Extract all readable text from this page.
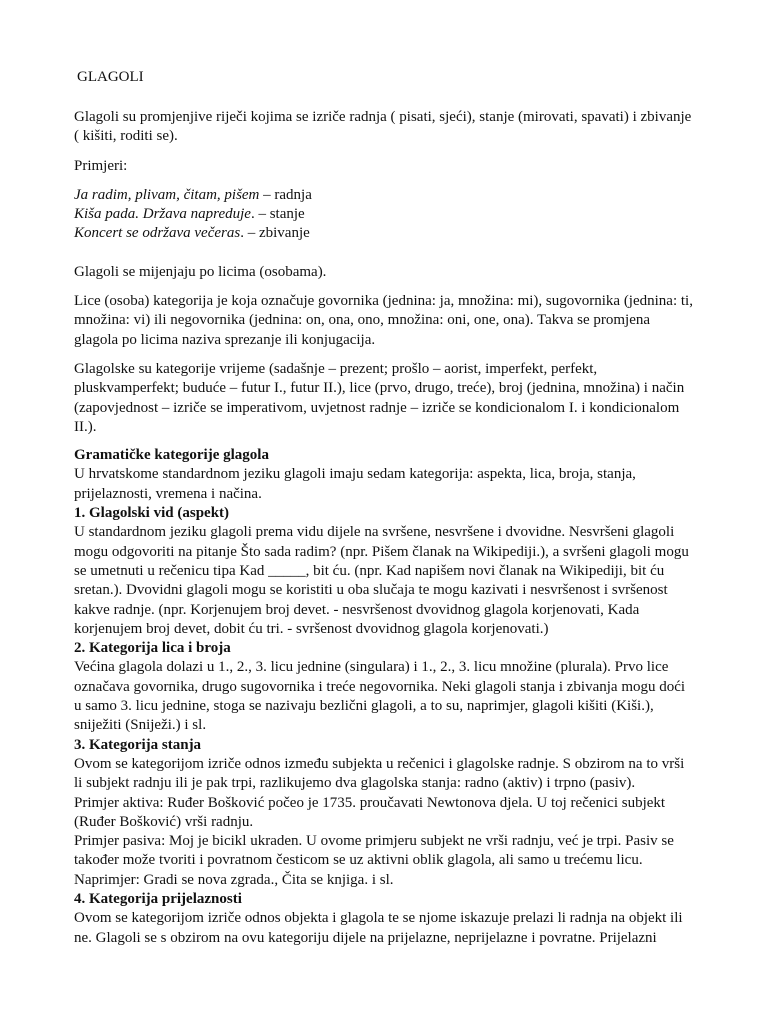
GLAGOLI

Glagoli su promjenjive riječi kojima se izriče radnja ( pisati, sjeći), stanje (mirovati, spavati) i zbivanje ( kišiti, roditi se).

Primjeri:

Ja radim, plivam, čitam, pišem – radnja
Kiša pada. Država napreduje. – stanje
Koncert se održava večeras. – zbivanje

Glagoli se mijenjaju po licima (osobama).

Lice (osoba) kategorija je koja označuje govornika (jednina: ja, množina: mi), sugovornika (jednina: ti, množina: vi) ili negovornika (jednina: on, ona, ono, množina: oni, one, ona). Takva se promjena glagola po licima naziva sprezanje ili konjugacija.

Glagolske su kategorije vrijeme (sadašnje – prezent; prošlo – aorist, imperfekt, perfekt, pluskvamperfekt; buduće – futur I., futur II.), lice (prvo, drugo, treće), broj (jednina, množina) i način (zapovjednost – izriče se imperativom, uvjetnost radnje – izriče se kondicionalom I. i kondicionalom II.).

Gramatičke kategorije glagola

U hrvatskome standardnom jeziku glagoli imaju sedam kategorija: aspekta, lica, broja, stanja, prijelaznosti, vremena i načina.

1. Glagolski vid (aspekt)

U standardnom jeziku glagoli prema vidu dijele na svršene, nesvršene i dvovidne. Nesvršeni glagoli mogu odgovoriti na pitanje Što sada radim? (npr. Pišem članak na Wikipediji.), a svršeni glagoli mogu se umetnuti u rečenicu tipa Kad _____, bit ću. (npr. Kad napišem novi članak na Wikipediji, bit ću sretan.). Dvovidni glagoli mogu se koristiti u oba slučaja te mogu kazivati i nesvršenost i svršenost kakve radnje. (npr. Korjenujem broj devet. - nesvršenost dvovidnog glagola korjenovati, Kada korjenujem broj devet, dobit ću tri. - svršenost dvovidnog glagola korjenovati.)

2. Kategorija lica i broja

Većina glagola dolazi u 1., 2., 3. licu jednine (singulara) i 1., 2., 3. licu množine (plurala). Prvo lice označava govornika, drugo sugovornika i treće negovornika. Neki glagoli stanja i zbivanja mogu doći u samo 3. licu jednine, stoga se nazivaju bezlični glagoli, a to su, naprimjer, glagoli kišiti (Kiši.), sniježiti (Sniježi.) i sl.

3. Kategorija stanja

Ovom se kategorijom izriče odnos između subjekta u rečenici i glagolske radnje. S obzirom na to vrši li subjekt radnju ili je pak trpi, razlikujemo dva glagolska stanja: radno (aktiv) i trpno (pasiv).

Primjer aktiva: Ruđer Bošković počeo je 1735. proučavati Newtonova djela. U toj rečenici subjekt (Ruđer Bošković) vrši radnju.

Primjer pasiva: Moj je bicikl ukraden. U ovome primjeru subjekt ne vrši radnju, već je trpi. Pasiv se također može tvoriti i povratnom česticom se uz aktivni oblik glagola, ali samo u trećemu licu.

Naprimjer: Gradi se nova zgrada., Čita se knjiga. i sl.

4. Kategorija prijelaznosti

Ovom se kategorijom izriče odnos objekta i glagola te se njome iskazuje prelazi li radnja na objekt ili ne. Glagoli se s obzirom na ovu kategoriju dijele na prijelazne, neprijelazne i povratne. Prijelazni
